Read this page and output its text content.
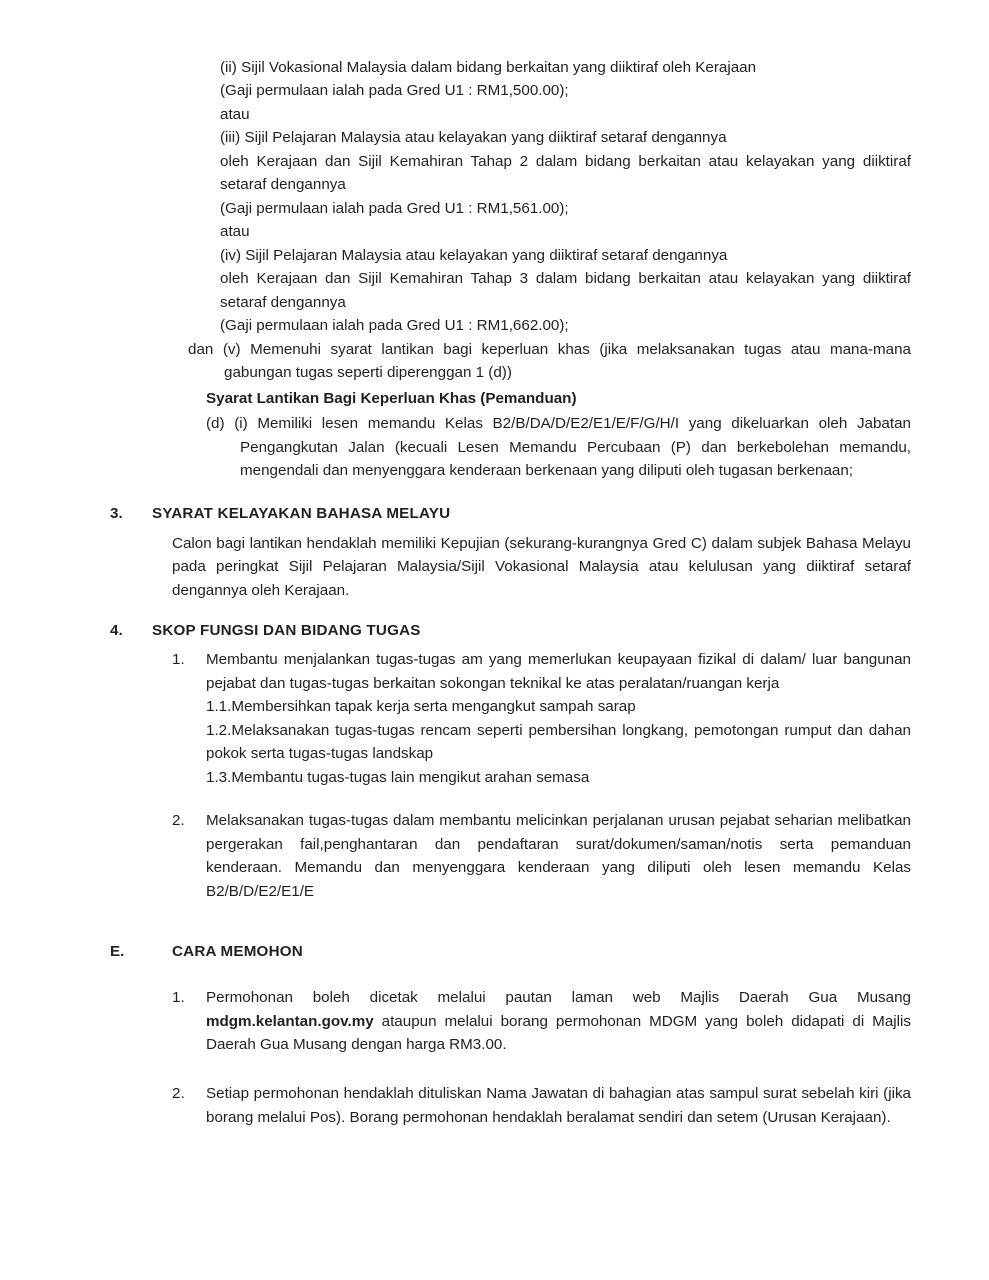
(ii) Sijil Vokasional Malaysia dalam bidang berkaitan yang diiktiraf oleh Kerajaan

(Gaji permulaan ialah pada Gred U1 : RM1,500.00);

atau

(iii) Sijil Pelajaran Malaysia atau kelayakan yang diiktiraf setaraf dengannya

oleh Kerajaan dan Sijil Kemahiran Tahap 2 dalam bidang berkaitan atau kelayakan yang diiktiraf setaraf dengannya

(Gaji permulaan ialah pada Gred U1 : RM1,561.00);

atau

(iv) Sijil Pelajaran Malaysia atau kelayakan yang diiktiraf setaraf dengannya

oleh Kerajaan dan Sijil Kemahiran Tahap 3 dalam bidang berkaitan atau kelayakan yang diiktiraf setaraf dengannya

(Gaji permulaan ialah pada Gred U1 : RM1,662.00);

dan (v) Memenuhi syarat lantikan bagi keperluan khas (jika melaksanakan tugas atau mana-mana gabungan tugas seperti diperenggan 1 (d))
Syarat Lantikan Bagi Keperluan Khas (Pemanduan)
(d) (i) Memiliki lesen memandu Kelas B2/B/DA/D/E2/E1/E/F/G/H/I yang dikeluarkan oleh Jabatan Pengangkutan Jalan (kecuali Lesen Memandu Percubaan (P) dan berkebolehan memandu, mengendali dan menyenggara kenderaan berkenaan yang diliputi oleh tugasan berkenaan;
3.	SYARAT KELAYAKAN BAHASA MELAYU
Calon bagi lantikan hendaklah memiliki Kepujian (sekurang-kurangnya Gred C) dalam subjek Bahasa Melayu pada peringkat Sijil Pelajaran Malaysia/Sijil Vokasional Malaysia atau kelulusan yang diiktiraf setaraf dengannya oleh Kerajaan.
4.	SKOP FUNGSI DAN BIDANG TUGAS
1.	Membantu menjalankan tugas-tugas am yang memerlukan keupayaan fizikal di dalam/ luar bangunan pejabat dan tugas-tugas berkaitan sokongan teknikal ke atas peralatan/ruangan kerja

1.1.Membersihkan tapak kerja serta mengangkut sampah sarap

1.2.Melaksanakan tugas-tugas rencam seperti pembersihan longkang, pemotongan rumput dan dahan pokok serta tugas-tugas landskap

1.3.Membantu tugas-tugas lain mengikut arahan semasa

2.	Melaksanakan tugas-tugas dalam membantu melicinkan perjalanan urusan pejabat seharian melibatkan pergerakan fail,penghantaran dan pendaftaran surat/dokumen/saman/notis serta pemanduan kenderaan. Memandu dan menyenggara kenderaan yang diliputi oleh lesen memandu Kelas B2/B/D/E2/E1/E

E.	CARA MEMOHON
1.	Permohonan boleh dicetak melalui pautan laman web Majlis Daerah Gua Musang mdgm.kelantan.gov.my ataupun melalui borang permohonan MDGM yang boleh didapati di Majlis Daerah Gua Musang dengan harga RM3.00.
2.	Setiap permohonan hendaklah dituliskan Nama Jawatan di bahagian atas sampul surat sebelah kiri (jika borang melalui Pos). Borang permohonan hendaklah beralamat sendiri dan setem (Urusan Kerajaan).
